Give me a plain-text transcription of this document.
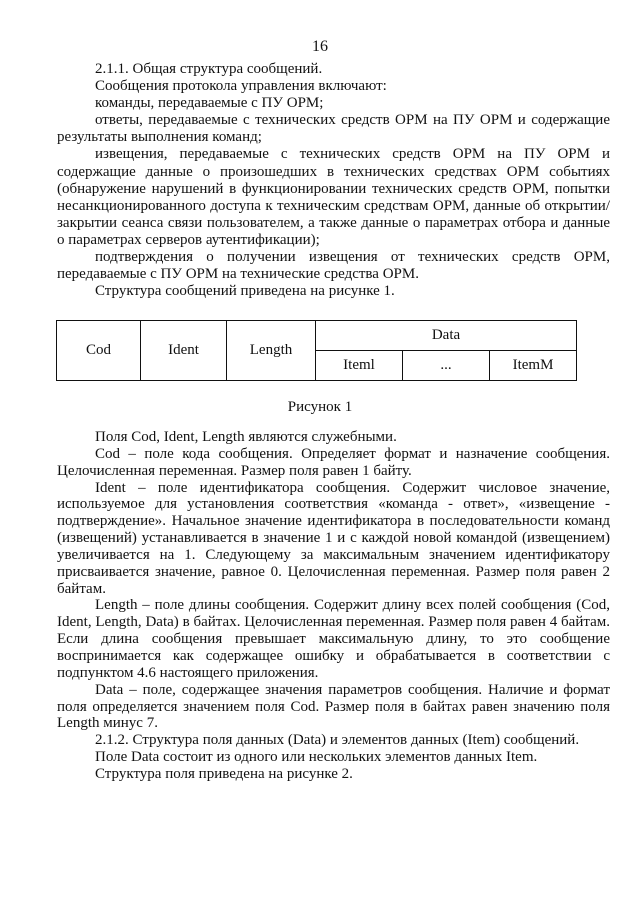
16

2.1.1. Общая структура сообщений.

Сообщения протокола управления включают:

команды, передаваемые с ПУ ОРМ;

ответы, передаваемые с технических средств ОРМ на ПУ ОРМ и содержащие результаты выполнения команд;

извещения, передаваемые с технических средств ОРМ на ПУ ОРМ и содержащие данные о произошедших в технических средствах ОРМ событиях (обнаружение нарушений в функционировании технических средств ОРМ, попытки несанкционированного доступа к техническим средствам ОРМ, данные об открытии/закрытии сеанса связи пользователем, а также данные о параметрах отбора и данные о параметрах серверов аутентификации);

подтверждения о получении извещения от технических средств ОРМ, передаваемые с ПУ ОРМ на технические средства ОРМ.

Структура сообщений приведена на рисунке 1.

Cod	Ident	Length	Data		
			Iteml	...	ItemM
Рисунок 1

Поля Cod, Ident, Length являются служебными.

Cod – поле кода сообщения. Определяет формат и назначение сообщения. Целочисленная переменная. Размер поля равен 1 байту.

Ident – поле идентификатора сообщения. Содержит числовое значение, используемое для установления соответствия «команда - ответ», «извещение - подтверждение». Начальное значение идентификатора в последовательности команд (извещений) устанавливается в значение 1 и с каждой новой командой (извещением) увеличивается на 1. Следующему за максимальным значением идентификатору присваивается значение, равное 0. Целочисленная переменная. Размер поля равен 2 байтам.

Length – поле длины сообщения. Содержит длину всех полей сообщения (Cod, Ident, Length, Data) в байтах. Целочисленная переменная. Размер поля равен 4 байтам. Если длина сообщения превышает максимальную длину, то это сообщение воспринимается как содержащее ошибку и обрабатывается в соответствии с подпунктом 4.6 настоящего приложения.

Data – поле, содержащее значения параметров сообщения. Наличие и формат поля определяется значением поля Cod. Размер поля в байтах равен значению поля Length минус 7.

2.1.2. Структура поля данных (Data) и элементов данных (Item) сообщений.

Поле Data состоит из одного или нескольких элементов данных Item.

Структура поля приведена на рисунке 2.
